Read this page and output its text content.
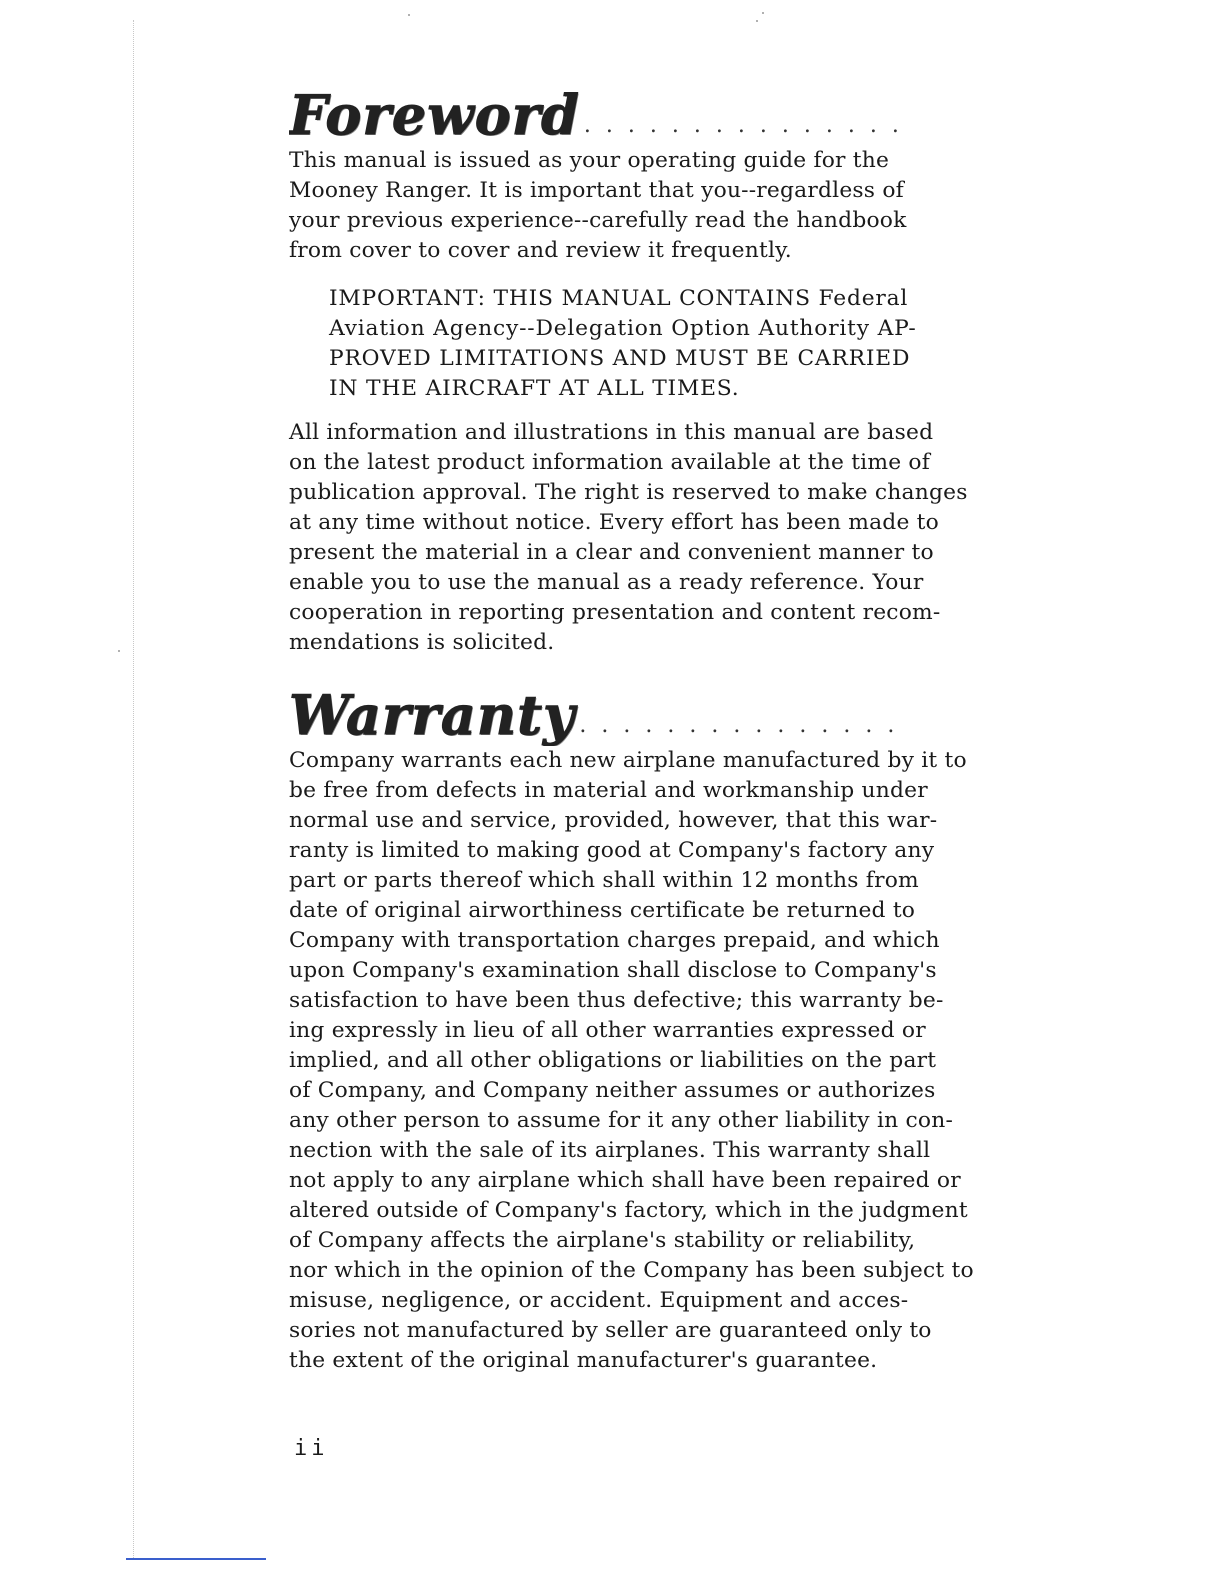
Foreword ...............

This manual is issued as your operating guide for the
Mooney Ranger. It is important that you--regardless of
your previous experience--carefully read the handbook
from cover to cover and review it frequently.

IMPORTANT: THIS MANUAL CONTAINS Federal
Aviation Agency--Delegation Option Authority AP-
PROVED LIMITATIONS AND MUST BE CARRIED
IN THE AIRCRAFT AT ALL TIMES.

All information and illustrations in this manual are based
on the latest product information available at the time of
publication approval. The right is reserved to make changes
at any time without notice. Every effort has been made to
present the material in a clear and convenient manner to
enable you to use the manual as a ready reference. Your
cooperation in reporting presentation and content recom-
mendations is solicited.

Warranty ...............

Company warrants each new airplane manufactured by it to
be free from defects in material and workmanship under
normal use and service, provided, however, that this war-
ranty is limited to making good at Company's factory any
part or parts thereof which shall within 12 months from
date of original airworthiness certificate be returned to
Company with transportation charges prepaid, and which
upon Company's examination shall disclose to Company's
satisfaction to have been thus defective; this warranty be-
ing expressly in lieu of all other warranties expressed or
implied, and all other obligations or liabilities on the part
of Company, and Company neither assumes or authorizes
any other person to assume for it any other liability in con-
nection with the sale of its airplanes. This warranty shall
not apply to any airplane which shall have been repaired or
altered outside of Company's factory, which in the judgment
of Company affects the airplane's stability or reliability,
nor which in the opinion of the Company has been subject to
misuse, negligence, or accident. Equipment and acces-
sories not manufactured by seller are guaranteed only to
the extent of the original manufacturer's guarantee.

ii
